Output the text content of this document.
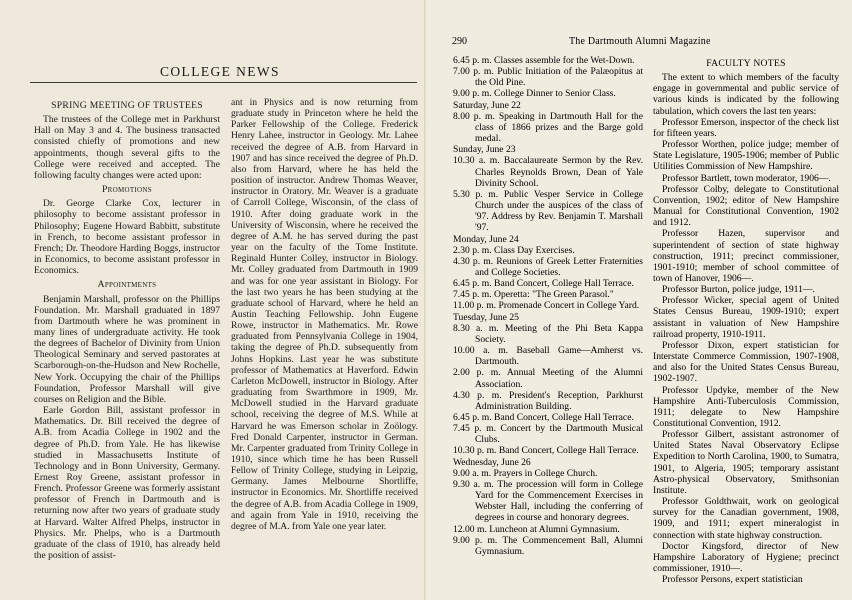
COLLEGE NEWS

SPRING MEETING OF TRUSTEES

The trustees of the College met in Parkhurst Hall on May 3 and 4. The business transacted consisted chiefly of promotions and new appointments, though several gifts to the College were received and accepted. The following faculty changes were acted upon:

Promotions

Dr. George Clarke Cox, lecturer in philosophy to become assistant professor in Philosophy; Eugene Howard Babbitt, substitute in French, to become assistant professor in French; Dr. Theodore Harding Boggs, instructor in Economics, to become assistant professor in Economics.

Appointments

Benjamin Marshall, professor on the Phillips Foundation. Mr. Marshall graduated in 1897 from Dartmouth where he was prominent in many lines of undergraduate activity. He took the degrees of Bachelor of Divinity from Union Theological Seminary and served pastorates at Scarborough-on-the-Hudson and New Rochelle, New York. Occupying the chair of the Phillips Foundation, Professor Marshall will give courses on Religion and the Bible.

Earle Gordon Bill, assistant professor in Mathematics. Dr. Bill received the degree of A.B. from Acadia College in 1902 and the degree of Ph.D. from Yale. He has likewise studied in Massachusetts Institute of Technology and in Bonn University, Germany. Ernest Roy Greene, assistant professor in French. Professor Greene was formerly assistant professor of French in Dartmouth and is returning now after two years of graduate study at Harvard. Walter Alfred Phelps, instructor in Physics. Mr. Phelps, who is a Dartmouth graduate of the class of 1910, has already held the position of assist-

ant in Physics and is now returning from graduate study in Princeton where he held the Parker Fellowship of the College. Frederick Henry Lahee, instructor in Geology. Mr. Lahee received the degree of A.B. from Harvard in 1907 and has since received the degree of Ph.D. also from Harvard, where he has held the position of instructor. Andrew Thomas Weaver, instructor in Oratory. Mr. Weaver is a graduate of Carroll College, Wisconsin, of the class of 1910. After doing graduate work in the University of Wisconsin, where he received the degree of A.M. he has served during the past year on the faculty of the Tome Institute. Reginald Hunter Colley, instructor in Biology. Mr. Colley graduated from Dartmouth in 1909 and was for one year assistant in Biology. For the last two years he has been studying at the graduate school of Harvard, where he held an Austin Teaching Fellowship. John Eugene Rowe, instructor in Mathematics. Mr. Rowe graduated from Pennsylvania College in 1904, taking the degree of Ph.D. subsequently from Johns Hopkins. Last year he was substitute professor of Mathematics at Haverford. Edwin Carleton McDowell, instructor in Biology. After graduating from Swarthmore in 1909, Mr. McDowell studied in the Harvard graduate school, receiving the degree of M.S. While at Harvard he was Emerson scholar in Zoölogy. Fred Donald Carpenter, instructor in German. Mr. Carpenter graduated from Trinity College in 1910, since which time he has been Russell Fellow of Trinity College, studying in Leipzig, Germany. James Melbourne Shortliffe, instructor in Economics. Mr. Shortliffe received the degree of A.B. from Acadia College in 1909, and again from Yale in 1910, receiving the degree of M.A. from Yale one year later.

290	The Dartmouth Alumni Magazine
6.45 p. m. Classes assemble for the Wet-Down.
7.00 p. m. Public Initiation of the Palæopitus at the Old Pine.
9.00 p. m. College Dinner to Senior Class.
Saturday, June 22
8.00 p. m. Speaking in Dartmouth Hall for the class of 1866 prizes and the Barge gold medal.
Sunday, June 23
10.30 a. m. Baccalaureate Sermon by the Rev. Charles Reynolds Brown, Dean of Yale Divinity School.
5.30 p. m. Public Vesper Service in College Church under the auspices of the class of '97. Address by Rev. Benjamin T. Marshall '97.
Monday, June 24
2.30 p. m. Class Day Exercises.
4.30 p. m. Reunions of Greek Letter Fraternities and College Societies.
6.45 p. m. Band Concert, College Hall Terrace.
7.45 p. m. Operetta: "The Green Parasol."
11.00 p. m. Promenade Concert in College Yard.
Tuesday, June 25
8.30 a. m. Meeting of the Phi Beta Kappa Society.
10.00 a. m. Baseball Game—Amherst vs. Dartmouth.
2.00 p. m. Annual Meeting of the Alumni Association.
4.30 p. m. President's Reception, Parkhurst Administration Building.
6.45 p. m. Band Concert, College Hall Terrace.
7.45 p. m. Concert by the Dartmouth Musical Clubs.
10.30 p. m. Band Concert, College Hall Terrace.
Wednesday, June 26
9.00 a. m. Prayers in College Church.
9.30 a. m. The procession will form in College Yard for the Commencement Exercises in Webster Hall, including the conferring of degrees in course and honorary degrees.
12.00 m. Luncheon at Alumni Gymnasium.
9.00 p. m. The Commencement Ball, Alumni Gymnasium.

FACULTY NOTES

The extent to which members of the faculty engage in governmental and public service of various kinds is indicated by the following tabulation, which covers the last ten years:

Professor Emerson, inspector of the check list for fifteen years.

Professor Worthen, police judge; member of State Legislature, 1905-1906; member of Public Utilities Commission of New Hampshire.

Professor Bartlett, town moderator, 1906—.

Professor Colby, delegate to Constitutional Convention, 1902; editor of New Hampshire Manual for Constitutional Convention, 1902 and 1912.

Professor Hazen, supervisor and superintendent of section of state highway construction, 1911; precinct commissioner, 1901-1910; member of school committee of town of Hanover, 1906—.

Professor Burton, police judge, 1911—.

Professor Wicker, special agent of United States Census Bureau, 1909-1910; expert assistant in valuation of New Hampshire railroad property, 1910-1911.

Professor Dixon, expert statistician for Interstate Commerce Commission, 1907-1908, and also for the United States Census Bureau, 1902-1907.

Professor Updyke, member of the New Hampshire Anti-Tuberculosis Commission, 1911; delegate to New Hampshire Constitutional Convention, 1912.

Professor Gilbert, assistant astronomer of United States Naval Observatory Eclipse Expedition to North Carolina, 1900, to Sumatra, 1901, to Algeria, 1905; temporary assistant Astro-physical Observatory, Smithsonian Institute.

Professor Goldthwait, work on geological survey for the Canadian government, 1908, 1909, and 1911; expert mineralogist in connection with state highway construction.

Doctor Kingsford, director of New Hampshire Laboratory of Hygiene; precinct commissioner, 1910—.

Professor Persons, expert statistician
